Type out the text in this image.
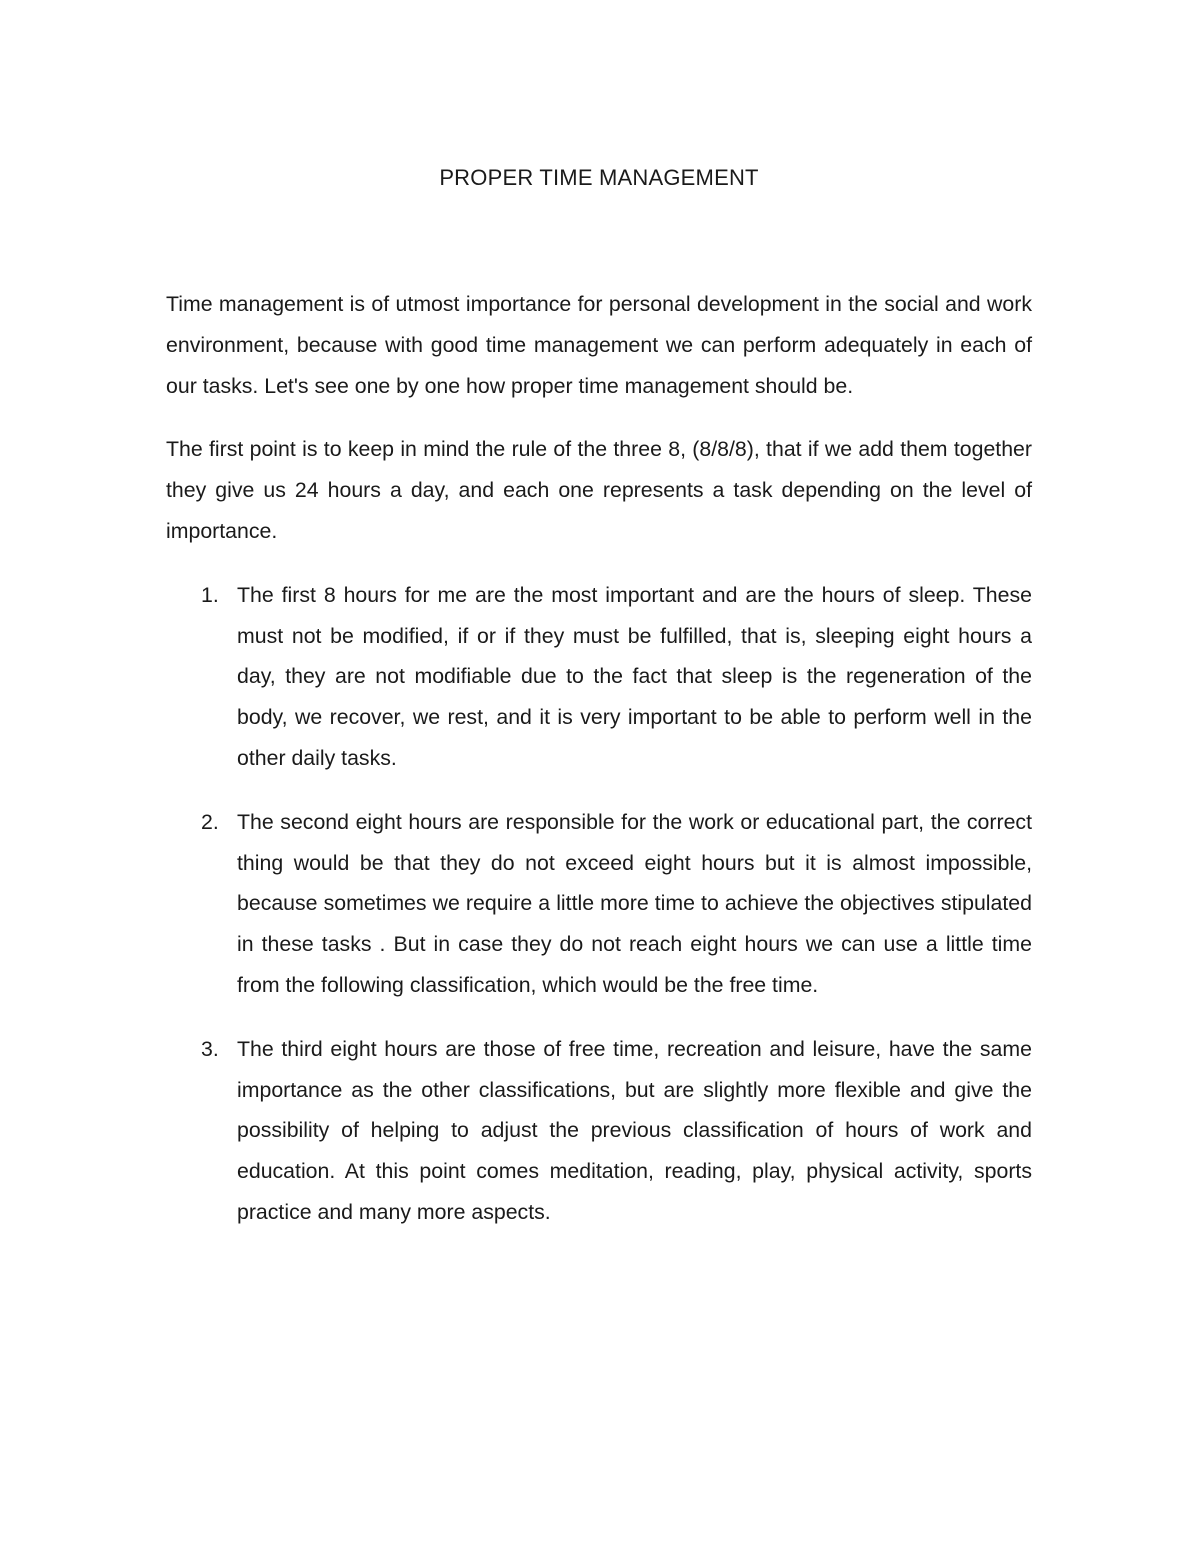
PROPER TIME MANAGEMENT

Time management is of utmost importance for personal development in the social and work environment, because with good time management we can perform adequately in each of our tasks. Let's see one by one how proper time management should be.

The first point is to keep in mind the rule of the three 8, (8/8/8), that if we add them together they give us 24 hours a day, and each one represents a task depending on the level of importance.

1. The first 8 hours for me are the most important and are the hours of sleep. These must not be modified, if or if they must be fulfilled, that is, sleeping eight hours a day, they are not modifiable due to the fact that sleep is the regeneration of the body, we recover, we rest, and it is very important to be able to perform well in the other daily tasks.
2. The second eight hours are responsible for the work or educational part, the correct thing would be that they do not exceed eight hours but it is almost impossible, because sometimes we require a little more time to achieve the objectives stipulated in these tasks . But in case they do not reach eight hours we can use a little time from the following classification, which would be the free time.
3. The third eight hours are those of free time, recreation and leisure, have the same importance as the other classifications, but are slightly more flexible and give the possibility of helping to adjust the previous classification of hours of work and education. At this point comes meditation, reading, play, physical activity, sports practice and many more aspects.
